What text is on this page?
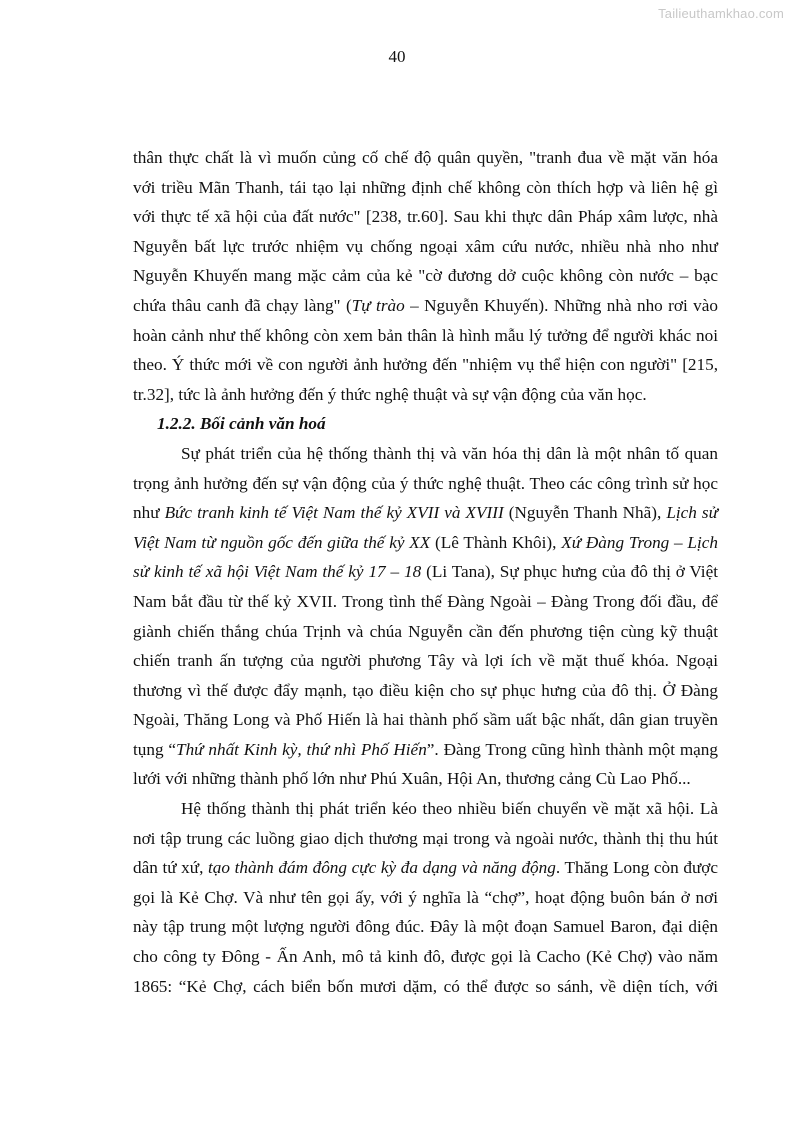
Tailieuthamkhao.com
40
thân thực chất là vì muốn củng cố chế độ quân quyền, "tranh đua về mặt văn hóa
với triều Mãn Thanh, tái tạo lại những định chế không còn thích hợp và liên hệ gì
với thực tế xã hội của đất nước" [238, tr.60]. Sau khi thực dân Pháp xâm lược, nhà
Nguyễn bất lực trước nhiệm vụ chống ngoại xâm cứu nước, nhiều nhà nho như
Nguyễn Khuyến mang mặc cảm của kẻ "cờ đương dở cuộc không còn nước – bạc
chứa thâu canh đã chạy làng" (Tự trào – Nguyễn Khuyến). Những nhà nho rơi vào
hoàn cảnh như thế không còn xem bản thân là hình mẫu lý tưởng để người khác noi
theo. Ý thức mới về con người ảnh hưởng đến "nhiệm vụ thể hiện con người" [215,
tr.32], tức là ảnh hưởng đến ý thức nghệ thuật và sự vận động của văn học.
1.2.2. Bối cảnh văn hoá
Sự phát triển của hệ thống thành thị và văn hóa thị dân là một nhân tố quan
trọng ảnh hưởng đến sự vận động của ý thức nghệ thuật. Theo các công trình sử học
như Bức tranh kinh tế Việt Nam thế kỷ XVII và XVIII (Nguyễn Thanh Nhã), Lịch sử
Việt Nam từ nguồn gốc đến giữa thế kỷ XX (Lê Thành Khôi), Xứ Đàng Trong – Lịch
sử kinh tế xã hội Việt Nam thế kỷ 17 – 18 (Li Tana), Sự phục hưng của đô thị ở Việt
Nam bắt đầu từ thế kỷ XVII. Trong tình thế Đàng Ngoài – Đàng Trong đối đầu, để
giành chiến thắng chúa Trịnh và chúa Nguyễn cần đến phương tiện cùng kỹ thuật
chiến tranh ấn tượng của người phương Tây và lợi ích về mặt thuế khóa. Ngoại
thương vì thế được đẩy mạnh, tạo điều kiện cho sự phục hưng của đô thị. Ở Đàng
Ngoài, Thăng Long và Phố Hiến là hai thành phố sầm uất bậc nhất, dân gian truyền
tụng “Thứ nhất Kinh kỳ, thứ nhì Phố Hiến”. Đàng Trong cũng hình thành một mạng
lưới với những thành phố lớn như Phú Xuân, Hội An, thương cảng Cù Lao Phố...
Hệ thống thành thị phát triển kéo theo nhiều biến chuyển về mặt xã hội. Là
nơi tập trung các luồng giao dịch thương mại trong và ngoài nước, thành thị thu hút
dân tứ xứ, tạo thành đám đông cực kỳ đa dạng và năng động. Thăng Long còn được
gọi là Kẻ Chợ. Và như tên gọi ấy, với ý nghĩa là “chợ”, hoạt động buôn bán ở nơi
này tập trung một lượng người đông đúc. Đây là một đoạn Samuel Baron, đại diện
cho công ty Đông - Ấn Anh, mô tả kinh đô, được gọi là Cacho (Kẻ Chợ) vào năm
1865: “Kẻ Chợ, cách biển bốn mươi dặm, có thể được so sánh, về diện tích, với
